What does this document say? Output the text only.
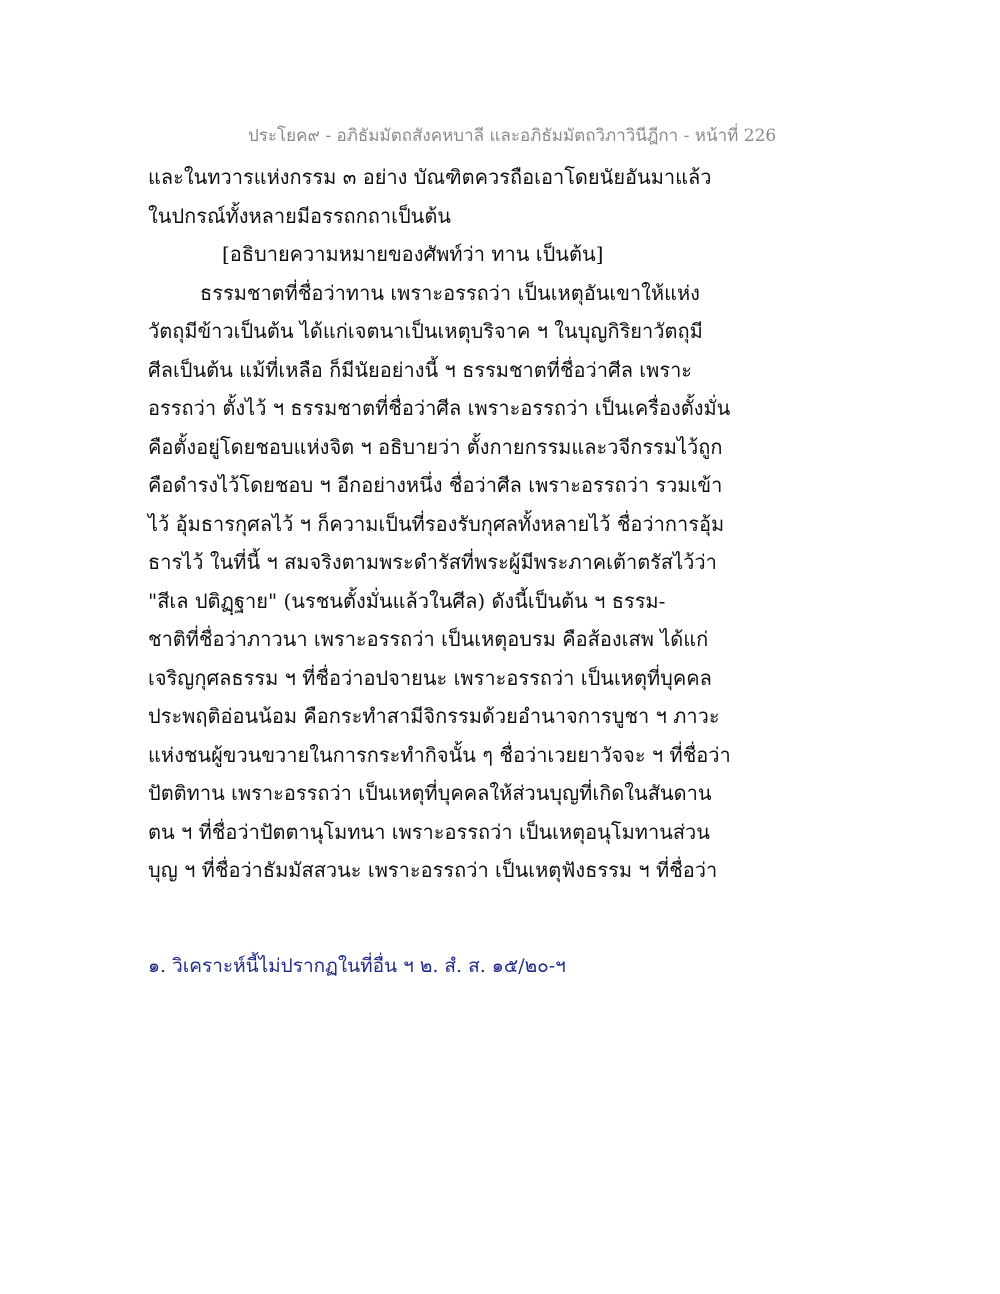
ประโยค๙ - อภิธัมมัตถสังคหบาลี และอภิธัมมัตถวิภาวินีฎีกา - หน้าที่ 226
และในทวารแห่งกรรม ๓ อย่าง บัณฑิตควรถือเอาโดยนัยอันมาแล้ว
ในปกรณ์ทั้งหลายมีอรรถกถาเป็นต้น
[อธิบายความหมายของศัพท์ว่า ทาน เป็นต้น]
ธรรมชาตที่ชื่อว่าทาน เพราะอรรถว่า เป็นเหตุอันเขาให้แห่ง
วัตถุมีข้าวเป็นต้น ได้แก่เจตนาเป็นเหตุบริจาค ฯ ในบุญกิริยาวัตถุมี
ศีลเป็นต้น แม้ที่เหลือ ก็มีนัยอย่างนี้ ฯ ธรรมชาตที่ชื่อว่าศีล เพราะ
อรรถว่า ตั้งไว้ ฯ ธรรมชาตที่ชื่อว่าศีล เพราะอรรถว่า เป็นเครื่องตั้งมั่น
คือตั้งอยู่โดยชอบแห่งจิต ฯ อธิบายว่า ตั้งกายกรรมและวจีกรรมไว้ถูก
คือดำรงไว้โดยชอบ ฯ อีกอย่างหนึ่ง ชื่อว่าศีล เพราะอรรถว่า รวมเข้า
ไว้ อุ้มธารกุศลไว้ ฯ ก็ความเป็นที่รองรับกุศลทั้งหลายไว้ ชื่อว่าการอุ้ม
ธารไว้ ในที่นี้ ฯ สมจริงตามพระดำรัสที่พระผู้มีพระภาคเต้าตรัสไว้ว่า
"สีเล ปติฏฺฐาย" (นรชนตั้งมั่นแล้วในศีล) ดังนี้เป็นต้น ฯ ธรรม-
ชาติที่ชื่อว่าภาวนา เพราะอรรถว่า เป็นเหตุอบรม คือส้องเสพ ได้แก่
เจริญกุศลธรรม ฯ ที่ชื่อว่าอปจายนะ เพราะอรรถว่า เป็นเหตุที่บุคคล
ประพฤติอ่อนน้อม คือกระทำสามีจิกรรมด้วยอำนาจการบูชา ฯ ภาวะ
แห่งชนผู้ขวนขวายในการกระทำกิจนั้น ๆ ชื่อว่าเวยยาวัจจะ ฯ ที่ชื่อว่า
ปัตติทาน เพราะอรรถว่า เป็นเหตุที่บุคคลให้ส่วนบุญที่เกิดในสันดาน
ตน ฯ ที่ชื่อว่าปัตตานุโมทนา เพราะอรรถว่า เป็นเหตุอนุโมทานส่วน
บุญ ฯ ที่ชื่อว่าธัมมัสสวนะ เพราะอรรถว่า เป็นเหตุฟังธรรม ฯ ที่ชื่อว่า
๑. วิเคราะห์นี้ไม่ปรากฏในที่อื่น ฯ ๒. สํ. ส. ๑๕/๒๐-ฯ
